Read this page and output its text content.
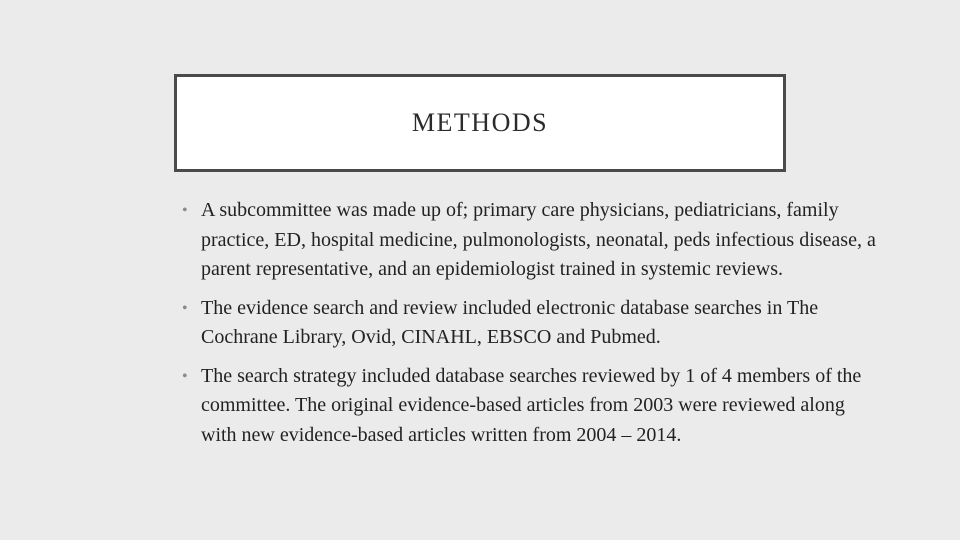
METHODS
• A subcommittee was made up of; primary care physicians, pediatricians, family practice, ED, hospital medicine, pulmonologists, neonatal, peds infectious disease, a parent representative, and an epidemiologist trained in systemic reviews.
• The evidence search and review included electronic database searches in The Cochrane Library, Ovid, CINAHL, EBSCO and Pubmed.
• The search strategy included database searches reviewed by 1 of 4 members of the committee. The original evidence-based articles from 2003 were reviewed along with new evidence-based articles written from 2004 – 2014.
